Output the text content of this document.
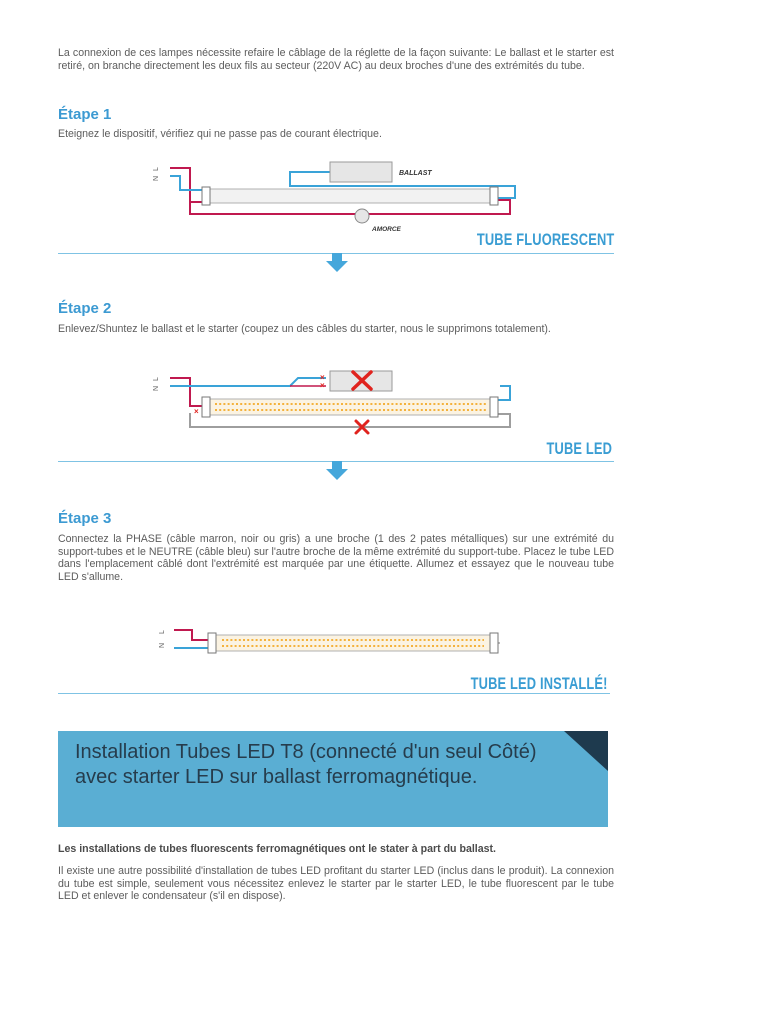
La connexion de ces lampes nécessite refaire le câblage de la réglette de la façon suivante: Le ballast et le starter est retiré, on branche directement les deux fils au secteur (220V AC) au deux broches d'une des extrémités du tube.
Étape 1
Eteignez le dispositif, vérifiez qui ne passe pas de courant électrique.
L
N
BALLAST
AMORCE
TUBE FLUORESCENT
Étape 2
Enlevez/Shuntez le ballast et le starter (coupez un des câbles du starter, nous le supprimons totalement).
L
N
×
×
×
TUBE LED
Étape 3
Connectez la PHASE (câble marron, noir ou gris) a une broche (1 des 2 pates métalliques) sur une extrémité du support-tubes et le NEUTRE (câble bleu) sur l'autre broche de la même extrémité du support-tube. Placez le tube LED dans l'emplacement câblé dont l'extrémité est marquée par une étiquette. Allumez et essayez que le nouveau tube LED s'allume.
L
N
TUBE LED INSTALLÉ!
Installation Tubes LED T8 (connecté d'un seul Côté) avec starter LED sur ballast ferromagnétique.
Les installations de tubes fluorescents ferromagnétiques ont le stater à part du ballast.
Il existe une autre possibilité d'installation de tubes LED profitant du starter LED (inclus dans le produit). La connexion du tube est simple, seulement vous nécessitez enlevez le starter par le starter LED, le tube fluorescent par le tube LED et enlever le condensateur (s'il en dispose).
